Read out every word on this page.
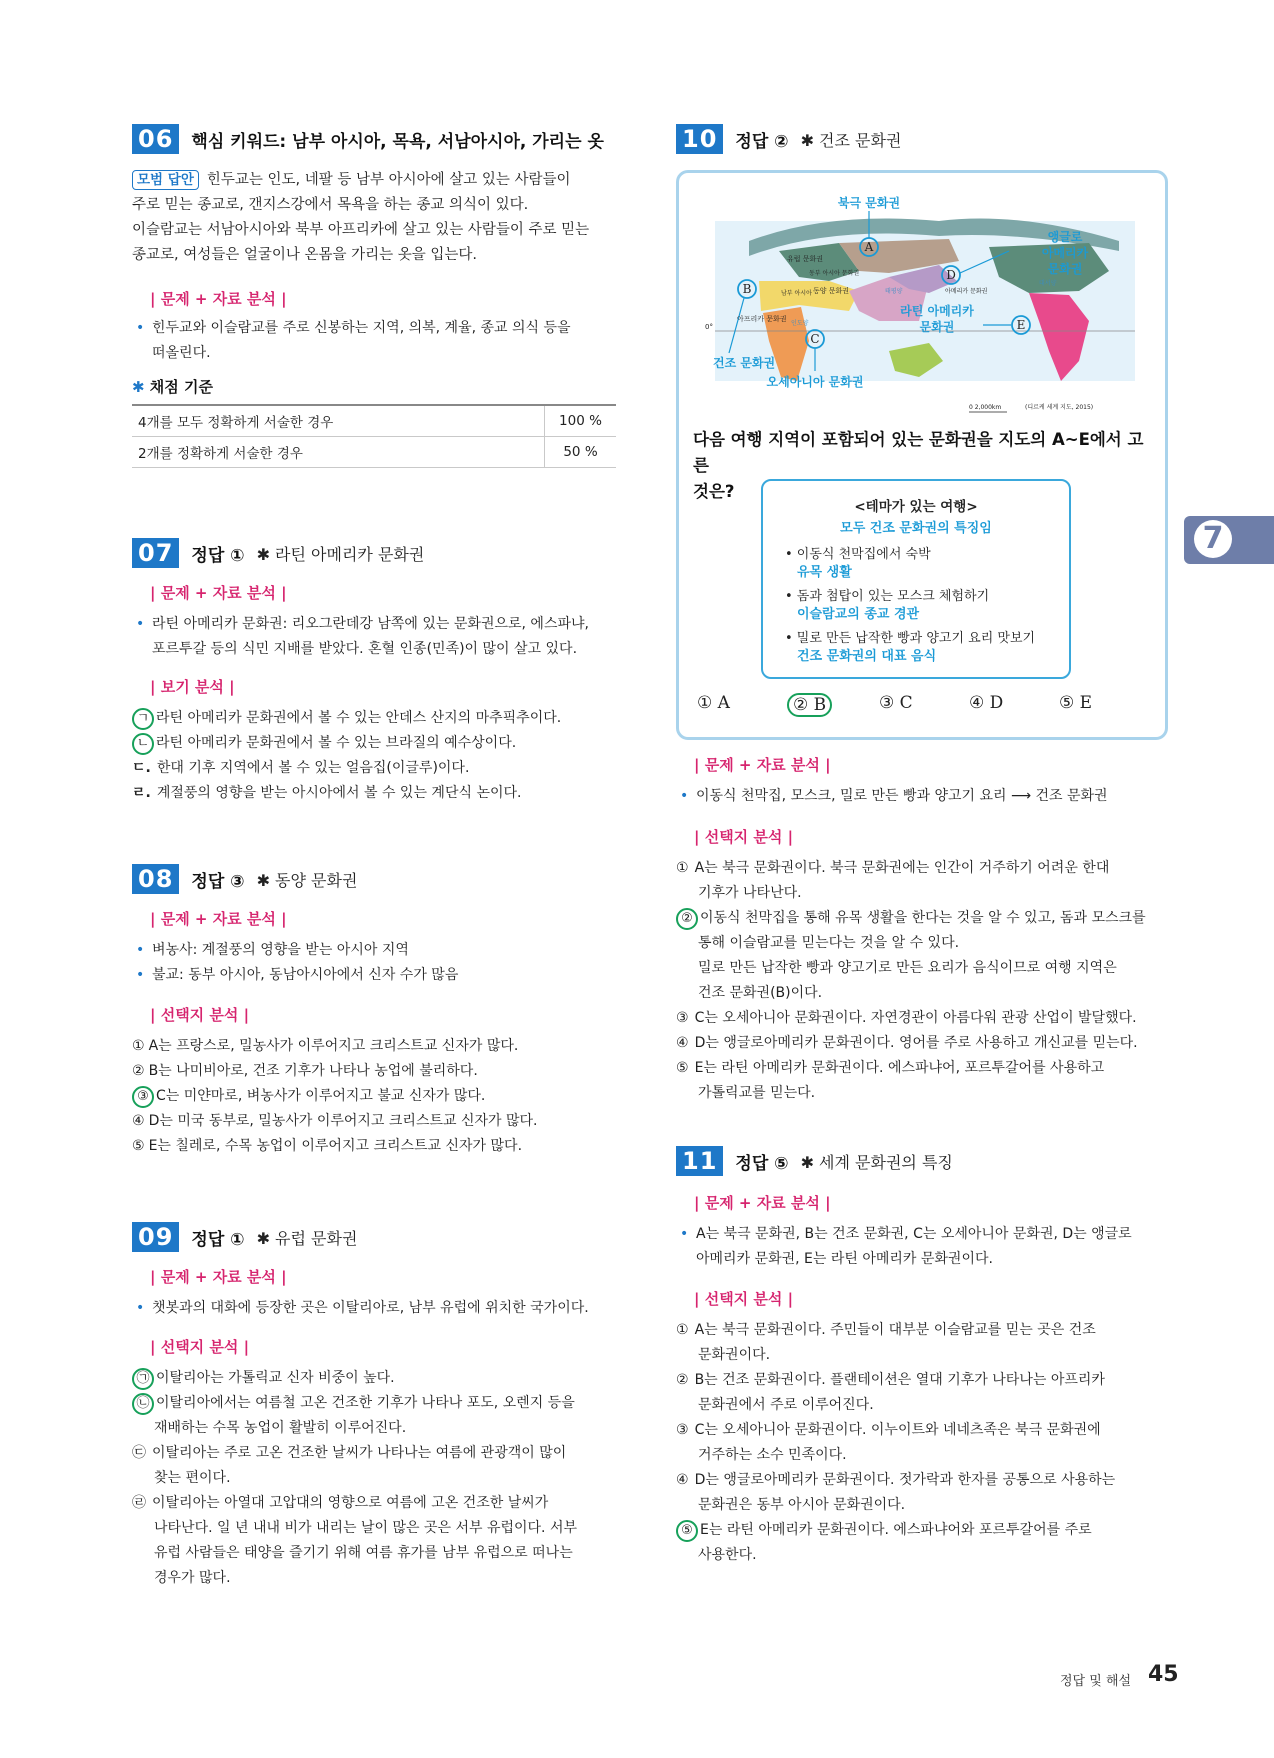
06	핵심 키워드: 남부 아시아, 목욕, 서남아시아, 가리는 옷
모범 답안 힌두교는 인도, 네팔 등 남부 아시아에 살고 있는 사람들이
주로 믿는 종교로, 갠지스강에서 목욕을 하는 종교 의식이 있다.
이슬람교는 서남아시아와 북부 아프리카에 살고 있는 사람들이 주로 믿는
종교로, 여성들은 얼굴이나 온몸을 가리는 옷을 입는다.
| 문제 + 자료 분석 |
• 힌두교와 이슬람교를 주로 신봉하는 지역, 의복, 계율, 종교 의식 등을
떠올린다.
✱ 채점 기준
4개를 모두 정확하게 서술한 경우	100 %
2개를 정확하게 서술한 경우	50 %
07	정답 ① ✱ 라틴 아메리카 문화권
| 문제 + 자료 분석 |
• 라틴 아메리카 문화권: 리오그란데강 남쪽에 있는 문화권으로, 에스파냐,
포르투갈 등의 식민 지배를 받았다. 혼혈 인종(민족)이 많이 살고 있다.
| 보기 분석 |
ㄱ 라틴 아메리카 문화권에서 볼 수 있는 안데스 산지의 마추픽추이다.
ㄴ 라틴 아메리카 문화권에서 볼 수 있는 브라질의 예수상이다.
ㄷ. 한대 기후 지역에서 볼 수 있는 얼음집(이글루)이다.
ㄹ. 계절풍의 영향을 받는 아시아에서 볼 수 있는 계단식 논이다.
08	정답 ③ ✱ 동양 문화권
| 문제 + 자료 분석 |
• 벼농사: 계절풍의 영향을 받는 아시아 지역
• 불교: 동부 아시아, 동남아시아에서 신자 수가 많음
| 선택지 분석 |
① A는 프랑스로, 밀농사가 이루어지고 크리스트교 신자가 많다.
② B는 나미비아로, 건조 기후가 나타나 농업에 불리하다.
③ C는 미얀마로, 벼농사가 이루어지고 불교 신자가 많다.
④ D는 미국 동부로, 밀농사가 이루어지고 크리스트교 신자가 많다.
⑤ E는 칠레로, 수목 농업이 이루어지고 크리스트교 신자가 많다.
09	정답 ① ✱ 유럽 문화권
| 문제 + 자료 분석 |
• 챗봇과의 대화에 등장한 곳은 이탈리아로, 남부 유럽에 위치한 국가이다.
| 선택지 분석 |
㉠ 이탈리아는 가톨릭교 신자 비중이 높다.
㉡ 이탈리아에서는 여름철 고온 건조한 기후가 나타나 포도, 오렌지 등을
재배하는 수목 농업이 활발히 이루어진다.
㉢ 이탈리아는 주로 고온 건조한 날씨가 나타나는 여름에 관광객이 많이
찾는 편이다.
㉣ 이탈리아는 아열대 고압대의 영향으로 여름에 고온 건조한 날씨가
나타난다. 일 년 내내 비가 내리는 날이 많은 곳은 서부 유럽이다. 서부
유럽 사람들은 태양을 즐기기 위해 여름 휴가를 남부 유럽으로 떠나는
경우가 많다.
10	정답 ② ✱ 건조 문화권
A
B
C
D
E
북극 문화권
앵글로
아메리카
문화권
라틴 아메리카
문화권
건조 문화권
오세아니아 문화권
유럽 문화권
동부 아시아 문화권
동양 문화권
남부 아시아
아프리카 문화권
인도양
태평양	아메리카 문화권
대서양
0°
0 2,000km	(디르케 세계 지도, 2015)
다음 여행 지역이 포함되어 있는 문화권을 지도의 A~E에서 고른
것은?
<테마가 있는 여행>
모두 건조 문화권의 특징임
• 이동식 천막집에서 숙박
유목 생활
• 돔과 첨탑이 있는 모스크 체험하기
이슬람교의 종교 경관
• 밀로 만든 납작한 빵과 양고기 요리 맛보기
건조 문화권의 대표 음식
① A	② B	③ C	④ D	⑤ E
| 문제 + 자료 분석 |
• 이동식 천막집, 모스크, 밀로 만든 빵과 양고기 요리 ⟶ 건조 문화권
| 선택지 분석 |
① A는 북극 문화권이다. 북극 문화권에는 인간이 거주하기 어려운 한대
기후가 나타난다.
② 이동식 천막집을 통해 유목 생활을 한다는 것을 알 수 있고, 돔과 모스크를
통해 이슬람교를 믿는다는 것을 알 수 있다.
밀로 만든 납작한 빵과 양고기로 만든 요리가 음식이므로 여행 지역은
건조 문화권(B)이다.
③ C는 오세아니아 문화권이다. 자연경관이 아름다워 관광 산업이 발달했다.
④ D는 앵글로아메리카 문화권이다. 영어를 주로 사용하고 개신교를 믿는다.
⑤ E는 라틴 아메리카 문화권이다. 에스파냐어, 포르투갈어를 사용하고
가톨릭교를 믿는다.
11	정답 ⑤ ✱ 세계 문화권의 특징
| 문제 + 자료 분석 |
• A는 북극 문화권, B는 건조 문화권, C는 오세아니아 문화권, D는 앵글로
아메리카 문화권, E는 라틴 아메리카 문화권이다.
| 선택지 분석 |
① A는 북극 문화권이다. 주민들이 대부분 이슬람교를 믿는 곳은 건조
문화권이다.
② B는 건조 문화권이다. 플랜테이션은 열대 기후가 나타나는 아프리카
문화권에서 주로 이루어진다.
③ C는 오세아니아 문화권이다. 이누이트와 네네츠족은 북극 문화권에
거주하는 소수 민족이다.
④ D는 앵글로아메리카 문화권이다. 젓가락과 한자를 공통으로 사용하는
문화권은 동부 아시아 문화권이다.
⑤ E는 라틴 아메리카 문화권이다. 에스파냐어와 포르투갈어를 주로
사용한다.
7
정답 및 해설 45
